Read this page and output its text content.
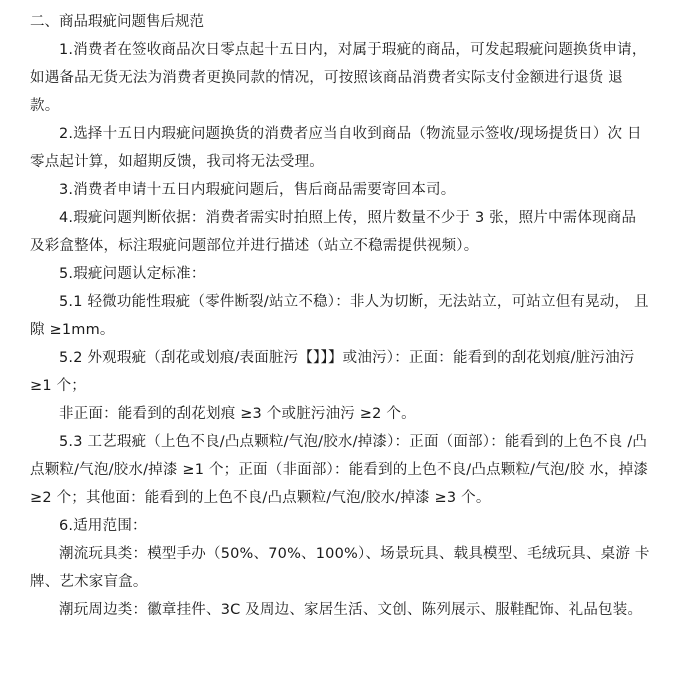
二、商品瑕疵问题售后规范

1.消费者在签收商品次日零点起十五日内，对属于瑕疵的商品，可发起瑕疵问题换货申请， 如遇备品无货无法为消费者更换同款的情况，可按照该商品消费者实际支付金额进行退货 退款。

2.选择十五日内瑕疵问题换货的消费者应当自收到商品（物流显示签收/现场提货日）次 日零点起计算，如超期反馈，我司将无法受理。

3.消费者申请十五日内瑕疵问题后，售后商品需要寄回本司。

4.瑕疵问题判断依据：消费者需实时拍照上传，照片数量不少于 3 张，照片中需体现商品 及彩盒整体，标注瑕疵问题部位并进行描述（站立不稳需提供视频）。

5.瑕疵问题认定标准：

5.1 轻微功能性瑕疵（零件断裂/站立不稳）：非人为切断，无法站立，可站立但有晃动， 且隙 ≥1mm。

5.2 外观瑕疵（刮花或划痕/表面脏污【】】】或油污）：正面：能看到的刮花划痕/脏污油污 ≥1 个；

非正面：能看到的刮花划痕 ≥3 个或脏污油污 ≥2 个。

5.3 工艺瑕疵（上色不良/凸点颗粒/气泡/胶水/掉漆）：正面（面部）：能看到的上色不良 /凸点颗粒/气泡/胶水/掉漆 ≥1 个；正面（非面部）：能看到的上色不良/凸点颗粒/气泡/胶 水，掉漆 ≥2 个；其他面：能看到的上色不良/凸点颗粒/气泡/胶水/掉漆 ≥3 个。

6.适用范围：

潮流玩具类：模型手办（50%、70%、100%）、场景玩具、载具模型、毛绒玩具、桌游 卡牌、艺术家盲盒。

潮玩周边类：徽章挂件、3C 及周边、家居生活、文创、陈列展示、服鞋配饰、礼品包装。
